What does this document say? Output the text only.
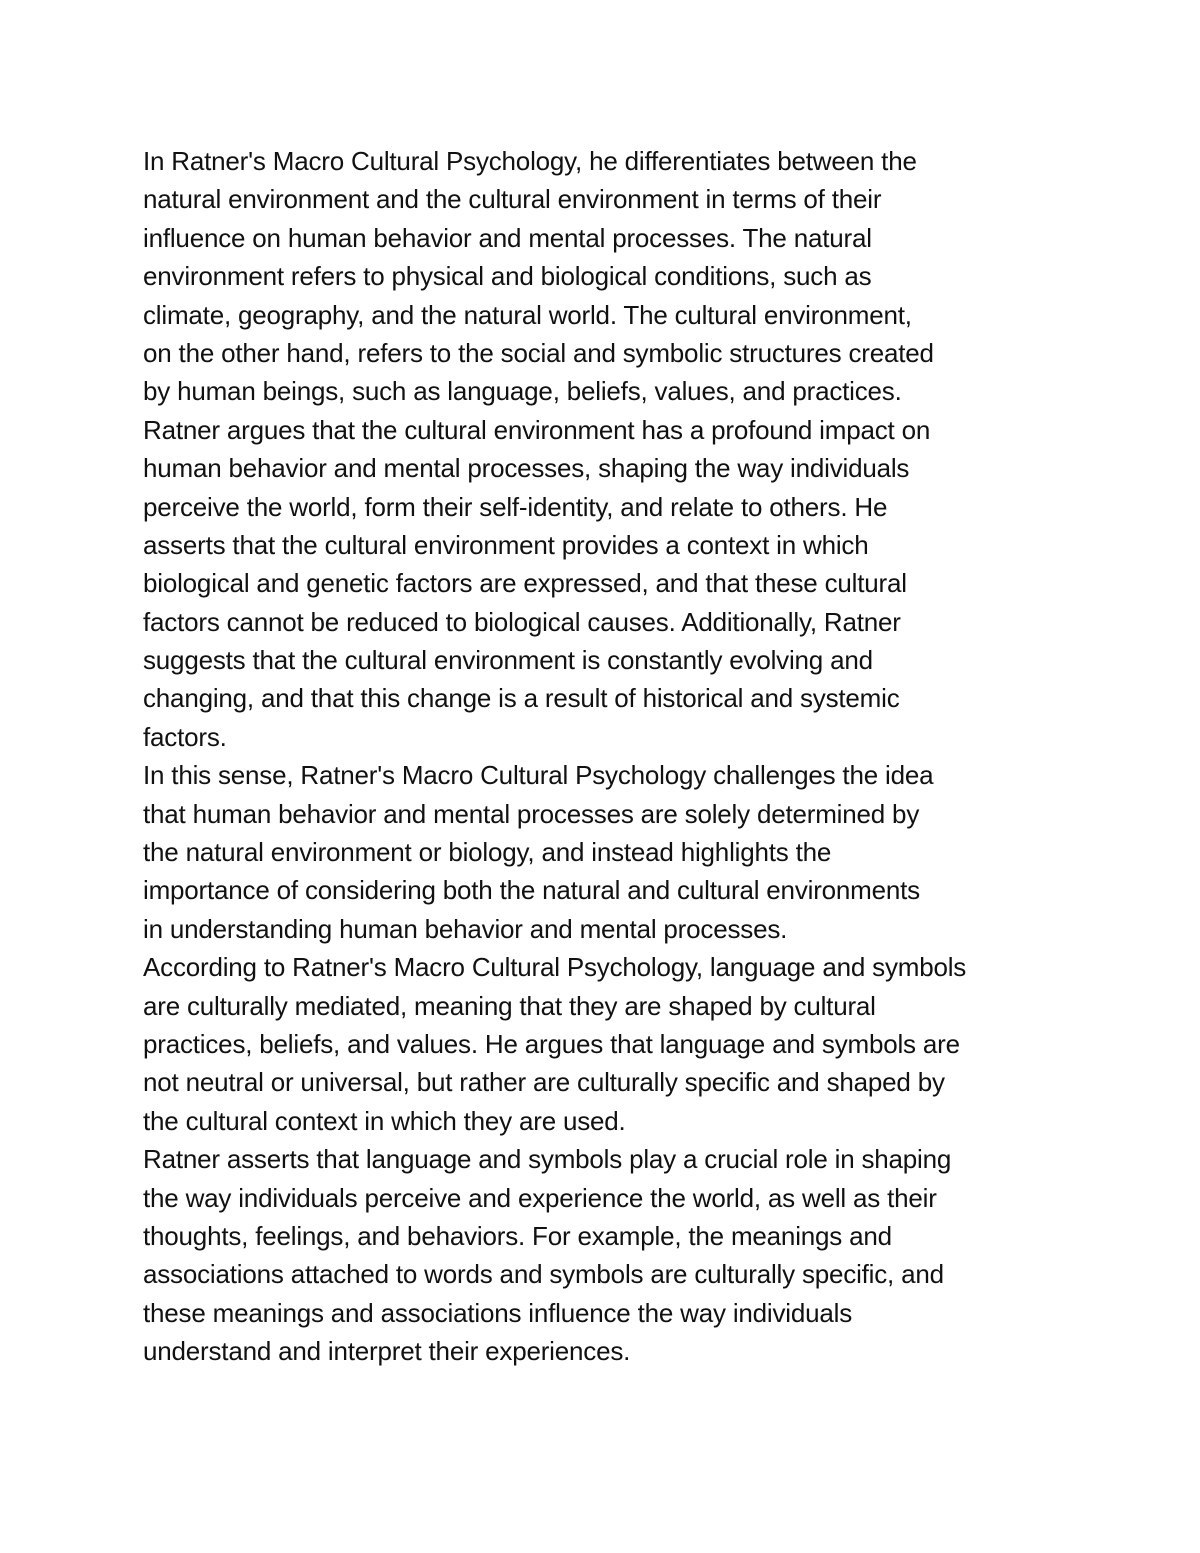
In Ratner's Macro Cultural Psychology, he differentiates between the
natural environment and the cultural environment in terms of their
influence on human behavior and mental processes. The natural
environment refers to physical and biological conditions, such as
climate, geography, and the natural world. The cultural environment,
on the other hand, refers to the social and symbolic structures created
by human beings, such as language, beliefs, values, and practices.
Ratner argues that the cultural environment has a profound impact on
human behavior and mental processes, shaping the way individuals
perceive the world, form their self-identity, and relate to others. He
asserts that the cultural environment provides a context in which
biological and genetic factors are expressed, and that these cultural
factors cannot be reduced to biological causes. Additionally, Ratner
suggests that the cultural environment is constantly evolving and
changing, and that this change is a result of historical and systemic
factors.
In this sense, Ratner's Macro Cultural Psychology challenges the idea
that human behavior and mental processes are solely determined by
the natural environment or biology, and instead highlights the
importance of considering both the natural and cultural environments
in understanding human behavior and mental processes.
According to Ratner's Macro Cultural Psychology, language and symbols
are culturally mediated, meaning that they are shaped by cultural
practices, beliefs, and values. He argues that language and symbols are
not neutral or universal, but rather are culturally specific and shaped by
the cultural context in which they are used.
Ratner asserts that language and symbols play a crucial role in shaping
the way individuals perceive and experience the world, as well as their
thoughts, feelings, and behaviors. For example, the meanings and
associations attached to words and symbols are culturally specific, and
these meanings and associations influence the way individuals
understand and interpret their experiences.
